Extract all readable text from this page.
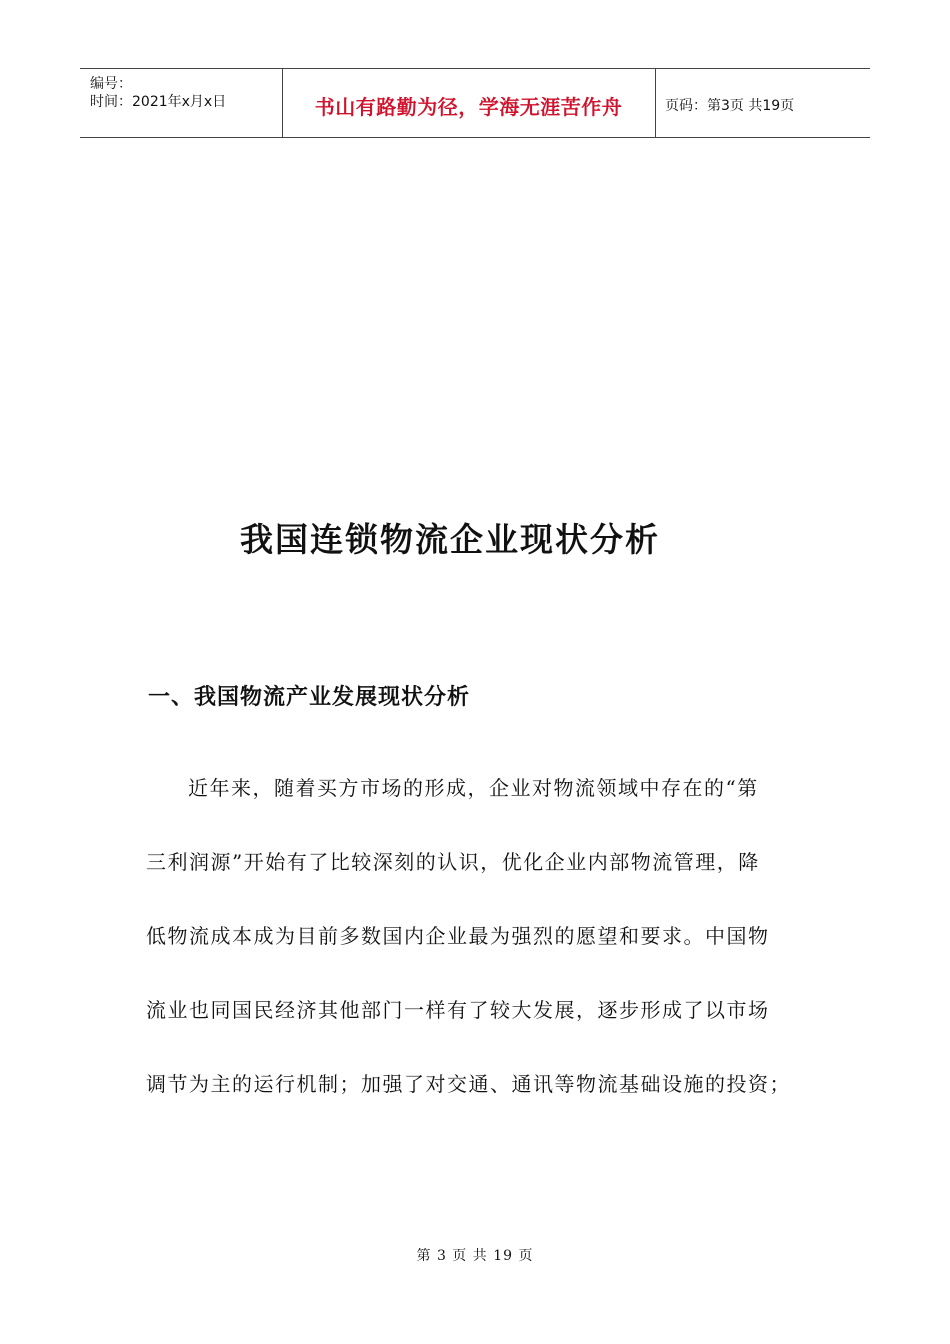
编号：
时间：2021年x月x日	书山有路勤为径，学海无涯苦作舟	页码：第3页 共19页
我国连锁物流企业现状分析
一、我国物流产业发展现状分析
近年来，随着买方市场的形成，企业对物流领域中存在的“第
三利润源”开始有了比较深刻的认识，优化企业内部物流管理，降
低物流成本成为目前多数国内企业最为强烈的愿望和要求。中国物
流业也同国民经济其他部门一样有了较大发展，逐步形成了以市场
调节为主的运行机制；加强了对交通、通讯等物流基础设施的投资；
第 3 页 共 19 页
